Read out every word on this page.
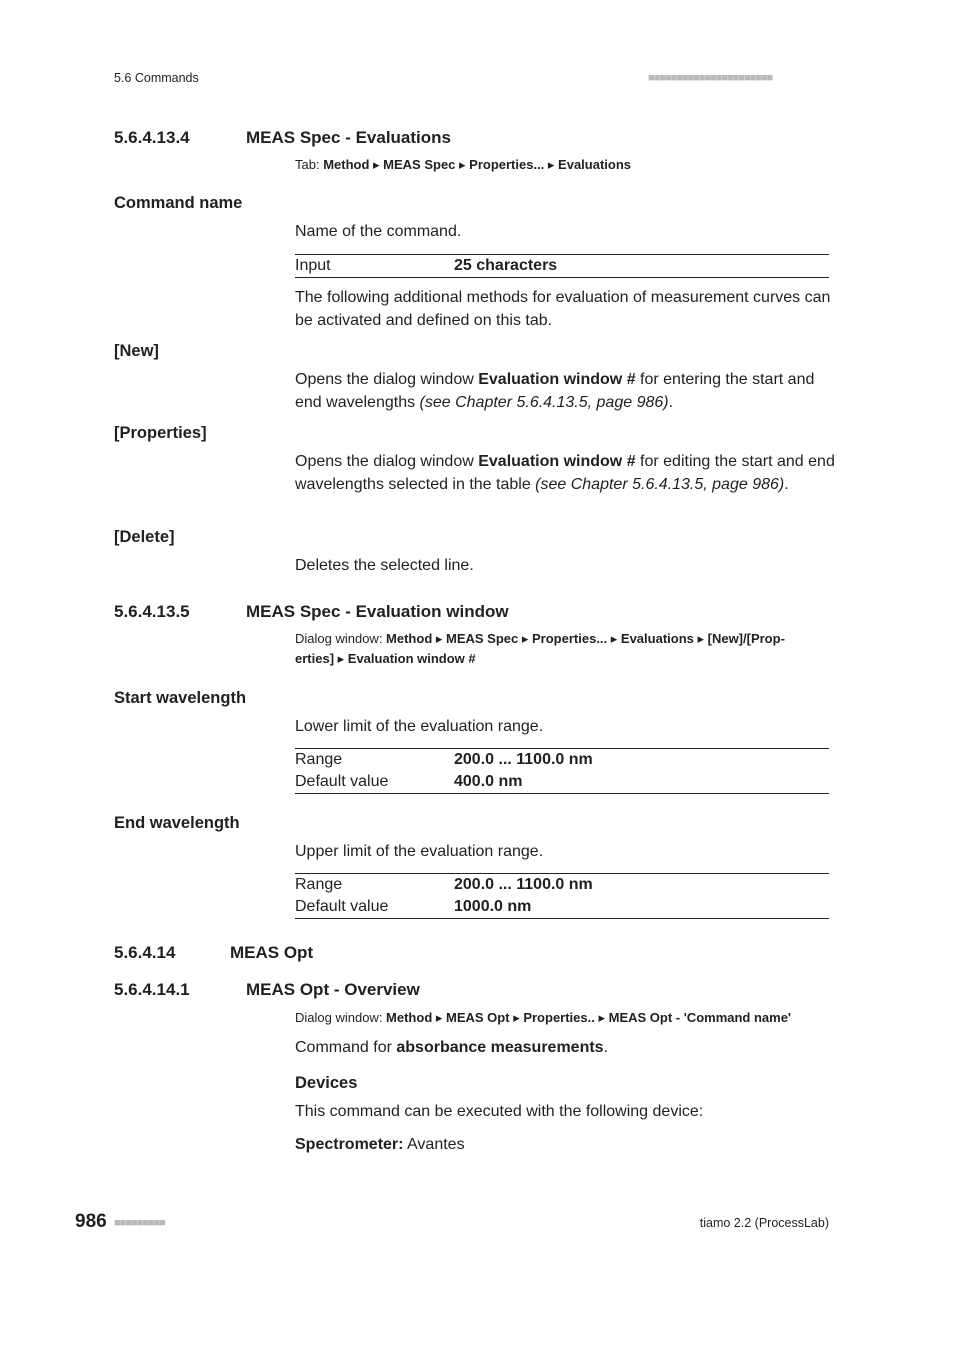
5.6 Commands	■■■■■■■■■■■■■■■■■■■■■■
5.6.4.13.4	MEAS Spec - Evaluations
Tab: Method ▸ MEAS Spec ▸ Properties... ▸ Evaluations
Command name
Name of the command.
Input	25 characters
The following additional methods for evaluation of measurement curves can be activated and defined on this tab.
[New]
Opens the dialog window Evaluation window # for entering the start and end wavelengths (see Chapter 5.6.4.13.5, page 986).
[Properties]
Opens the dialog window Evaluation window # for editing the start and end wavelengths selected in the table (see Chapter 5.6.4.13.5, page 986).
[Delete]
Deletes the selected line.
5.6.4.13.5	MEAS Spec - Evaluation window
Dialog window: Method ▸ MEAS Spec ▸ Properties... ▸ Evaluations ▸ [New]/[Prop-
erties] ▸ Evaluation window #
Start wavelength
Lower limit of the evaluation range.
Range	200.0 ... 1100.0 nm
Default value	400.0 nm
End wavelength
Upper limit of the evaluation range.
Range	200.0 ... 1100.0 nm
Default value	1000.0 nm
5.6.4.14	MEAS Opt
5.6.4.14.1	MEAS Opt - Overview
Dialog window: Method ▸ MEAS Opt ▸ Properties.. ▸ MEAS Opt - 'Command name'
Command for absorbance measurements.
Devices
This command can be executed with the following device:
Spectrometer: Avantes
986 ■■■■■■■■■	tiamo 2.2 (ProcessLab)
